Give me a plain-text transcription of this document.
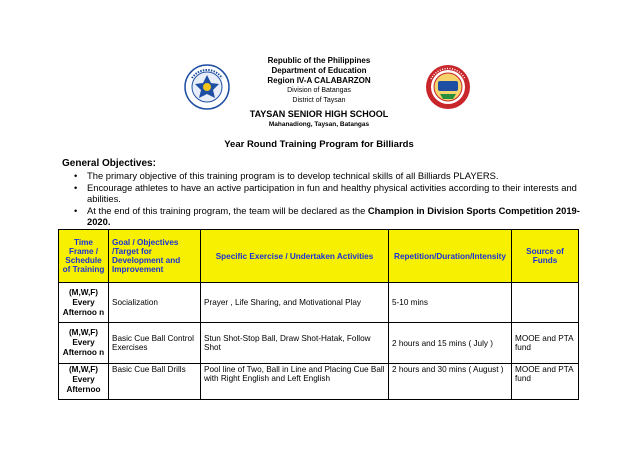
Republic of the Philippines
Department of Education
Region IV-A CALABARZON
Division of Batangas
District of Taysan
TAYSAN SENIOR HIGH SCHOOL
Mahanadiong, Taysan, Batangas
Year Round Training Program for Billiards
General Objectives:
• The primary objective of this training program is to develop technical skills of all Billiards PLAYERS.
• Encourage athletes to have an active participation in fun and healthy physical activities according to their interests and abilities.
• At the end of this training program, the team will be declared as the Champion in Division Sports Competition 2019-2020.
Time Frame / Schedule of Training	Goal / Objectives /Target for Development and Improvement	Specific Exercise / Undertaken Activities	Repetition/Duration/Intensity	Source of Funds
(M,W,F) Every Afternoo n	Socialization	Prayer , Life Sharing, and Motivational Play	5-10 mins	
(M,W,F) Every Afternoo n	Basic Cue Ball Control Exercises	Stun Shot-Stop Ball, Draw Shot-Hatak, Follow Shot	2 hours and 15 mins ( July )	MOOE and PTA fund
(M,W,F) Every Afternoo	Basic Cue Ball Drills	Pool line of Two, Ball in Line and Placing Cue Ball with Right English and Left English	2 hours and 30 mins ( August )	MOOE and PTA fund
